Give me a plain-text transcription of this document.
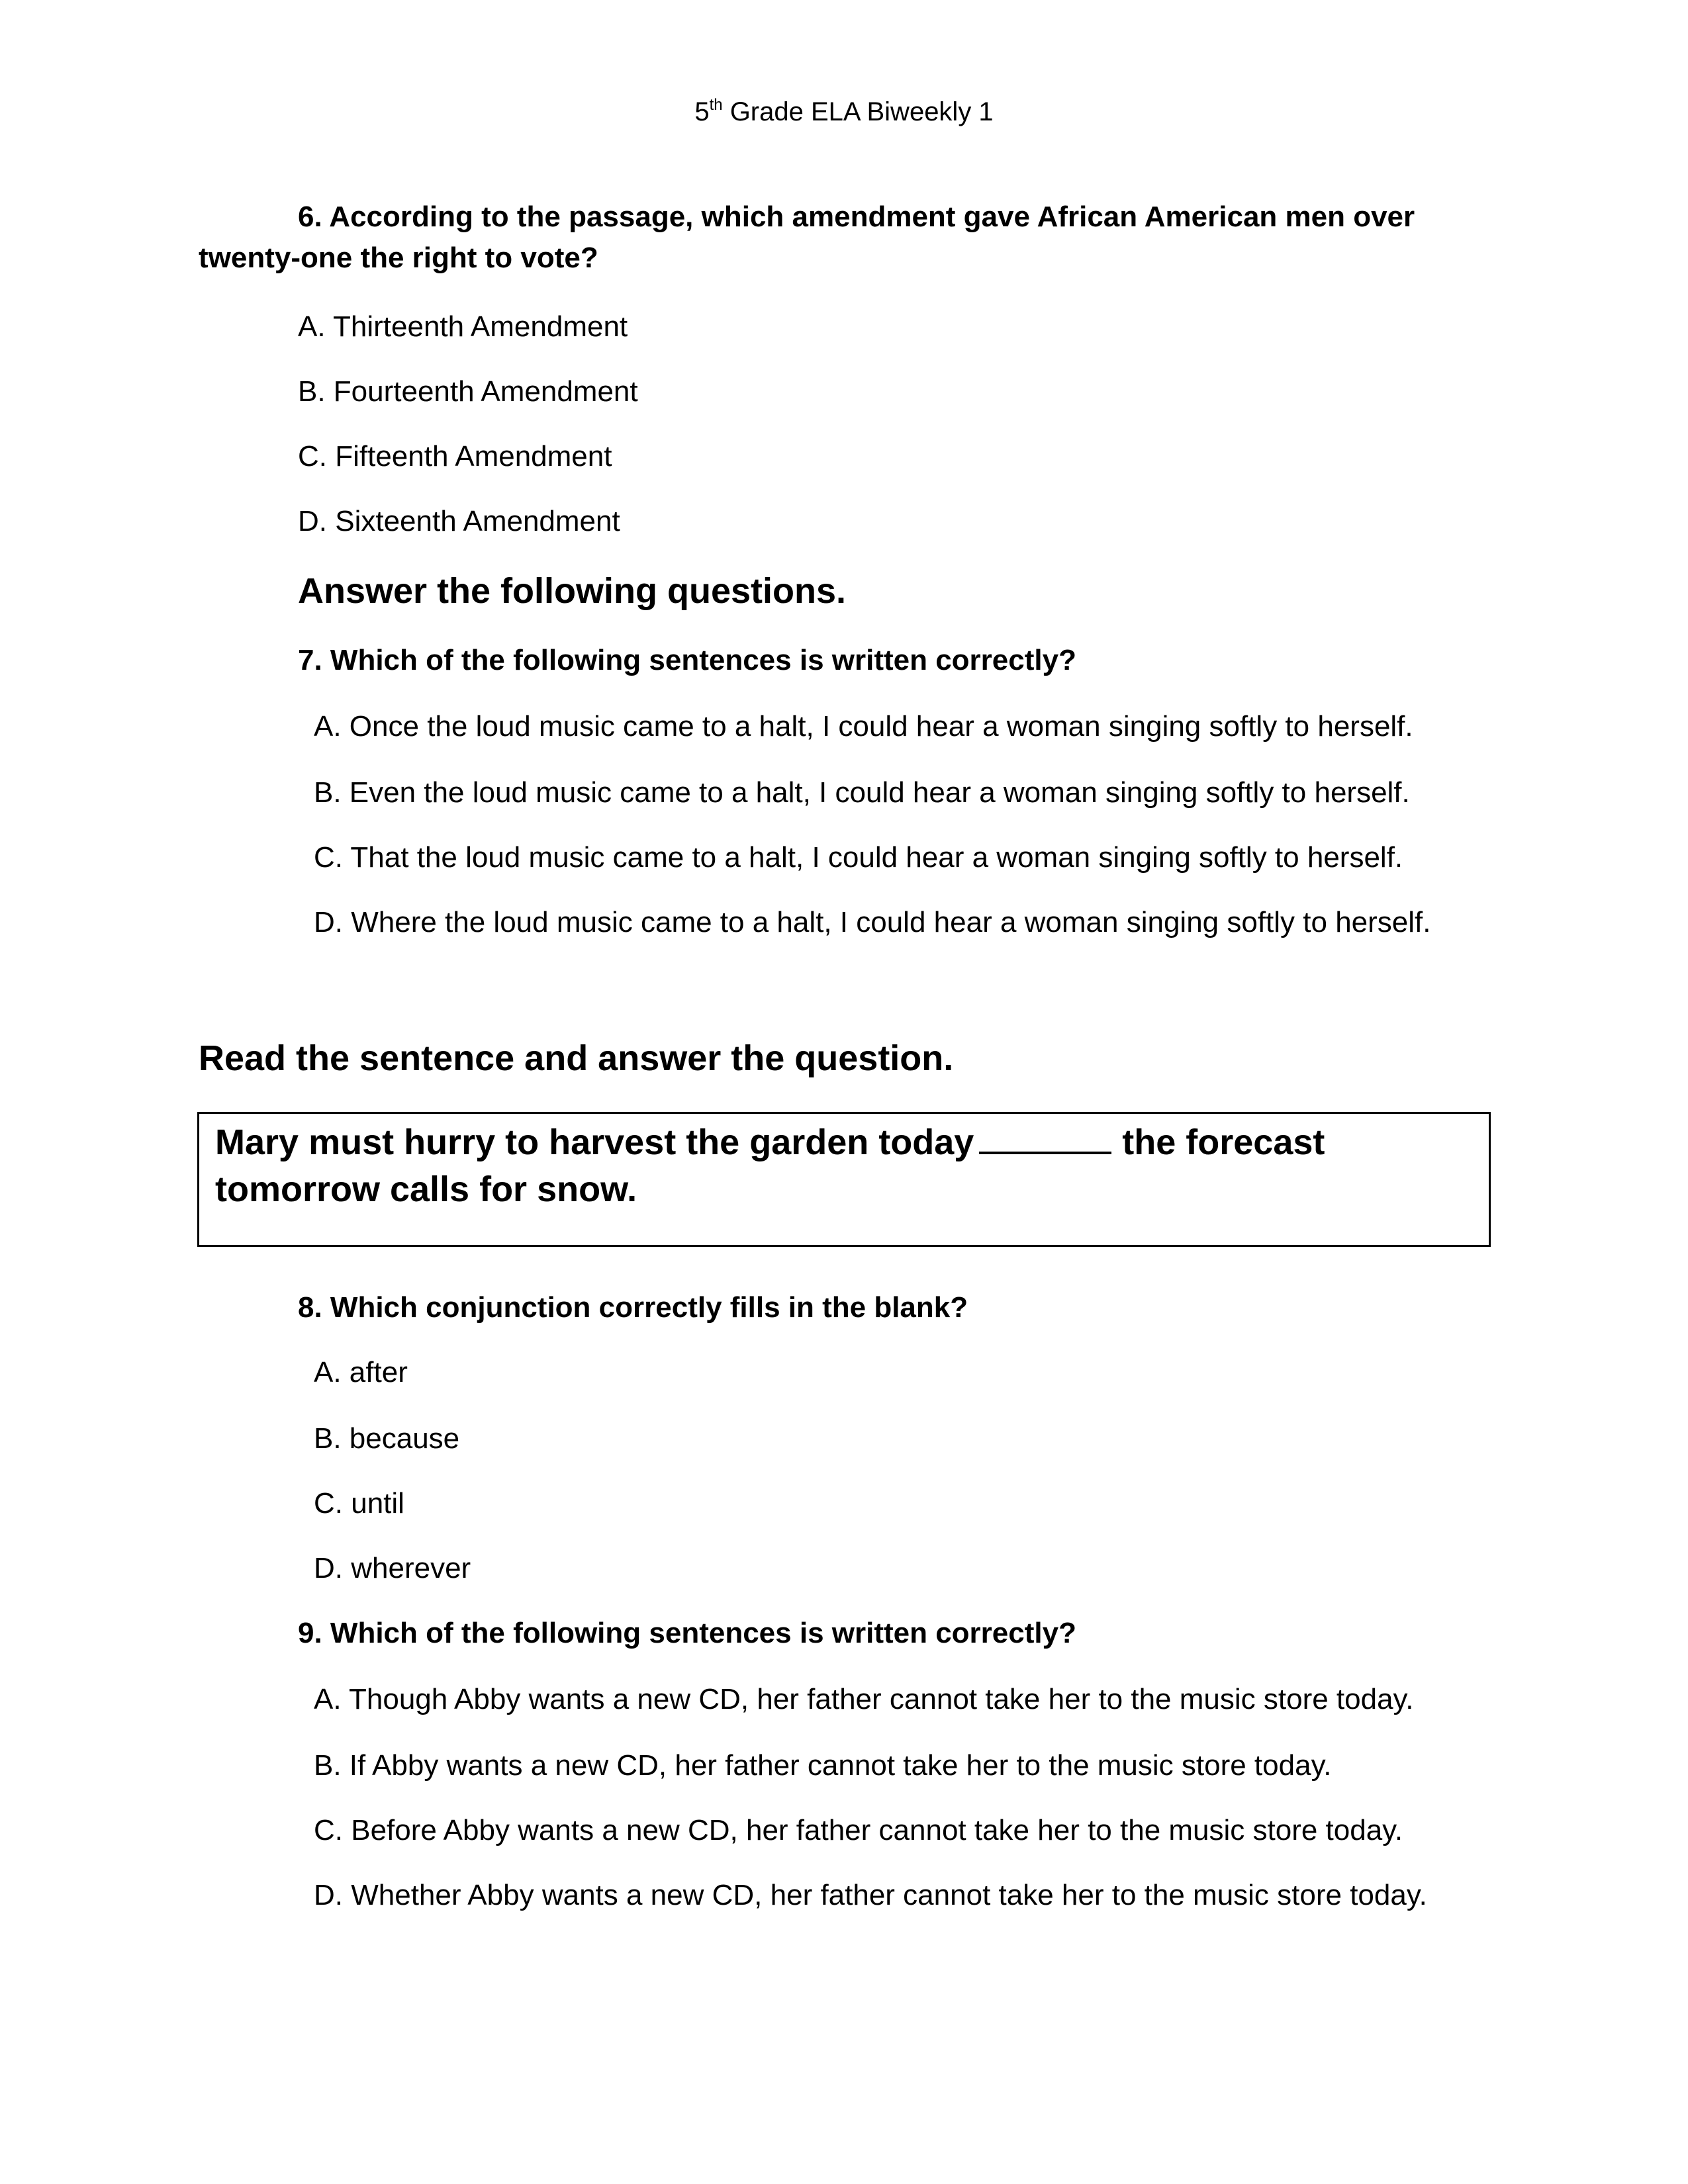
5th Grade ELA Biweekly 1
6. According to the passage, which amendment gave African American men over
twenty-one the right to vote?
A. Thirteenth Amendment
B. Fourteenth Amendment
C. Fifteenth Amendment
D. Sixteenth Amendment
Answer the following questions.
7. Which of the following sentences is written correctly?
A. Once the loud music came to a halt, I could hear a woman singing softly to herself.
B. Even the loud music came to a halt, I could hear a woman singing softly to herself.
C. That the loud music came to a halt, I could hear a woman singing softly to herself.
D. Where the loud music came to a halt, I could hear a woman singing softly to herself.
Read the sentence and answer the question.
Mary must hurry to harvest the garden today	the forecast tomorrow calls for snow.
8. Which conjunction correctly fills in the blank?
A. after
B. because
C. until
D. wherever
9. Which of the following sentences is written correctly?
A. Though Abby wants a new CD, her father cannot take her to the music store today.
B. If Abby wants a new CD, her father cannot take her to the music store today.
C. Before Abby wants a new CD, her father cannot take her to the music store today.
D. Whether Abby wants a new CD, her father cannot take her to the music store today.
